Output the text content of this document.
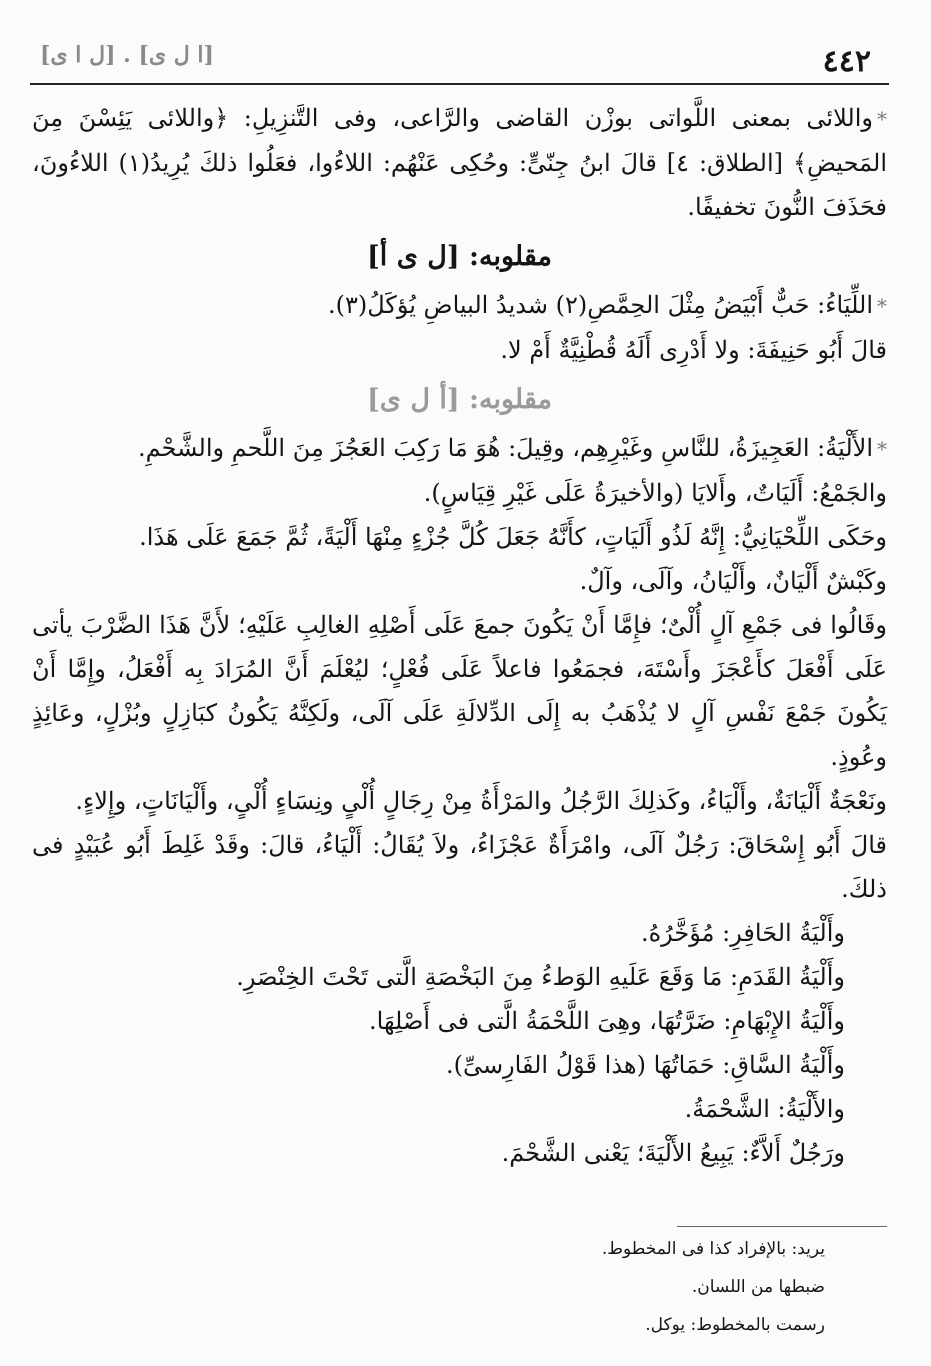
٤٤٢
[ل ا ى] . [ا ل ى]

*واللائى بمعنى اللَّواتى بوزْن القاضى والرَّاعى، وفى التَّنزِيلِ: ﴿واللائى يَئِسْنَ مِنَ المَحيضِ﴾ [الطلاق: ٤] قالَ ابنُ جِنّىٍّ: وحُكِى عَنْهُم: اللاءُوا، فعَلُوا ذلكَ يُرِيدُ(١) اللاءُونَ، فحَذَفَ النُّونَ تخفيفًا.

مقلوبه: [ل ى أ]

*اللِّيَاءُ: حَبٌّ أَبْيَضُ مِثْلَ الحِمَّصِ(٢) شديدُ البياضِ يُؤكَلُ(٣).

قالَ أَبُو حَنِيفَةَ: ولا أَدْرِى أَلَهُ قُطْنِيَّةٌ أَمْ لا.

مقلوبه: [أ ل ى]

*الأَلْيَةُ: العَجِيزَةُ، للنَّاسِ وغَيْرِهِم، وقِيلَ: هُوَ مَا رَكِبَ العَجُزَ مِنَ اللَّحمِ والشَّحْمِ.

والجَمْعُ: أَلَيَاتٌ، وأَلايَا (والأخيرَةُ عَلَى غَيْرِ قِيَاسٍ).

وحَكَى اللِّحْيَانِيُّ: إِنَّهُ لَذُو أَلَيَاتٍ، كأَنَّهُ جَعَلَ كُلَّ جُزْءٍ مِنْهَا أَلْيَةً، ثُمَّ جَمَعَ عَلَى هَذَا.

وكَبْشٌ أَلْيَانٌ، وأَلْيَانُ، وآلَى، وآلٌ.

وقَالُوا فى جَمْعِ آلٍ أُلْىٌ؛ فإِمَّا أَنْ يَكُونَ جمعَ عَلَى أَصْلِهِ الغالِبِ عَلَيْهِ؛ لأَنَّ هَذَا الضَّرْبَ يأتى عَلَى أَفْعَلَ كأَعْجَزَ وأَسْتَهَ، فجمَعُوا فاعلاً عَلَى فُعْلٍ؛ ليُعْلَمَ أَنَّ المُرَادَ بِه أَفْعَلُ، وإِمَّا أَنْ يَكُونَ جَمْعَ نَفْسِ آلٍ لا يُذْهَبُ به إِلَى الدِّلالَةِ عَلَى آلَى، ولَكِنَّهُ يَكُونُ كبَازِلٍ وبُزْلٍ، وعَائِذٍ وعُوذٍ.

ونَعْجَةٌ أَلْيَانَةٌ، وأَلْيَاءُ، وكَذلِكَ الرَّجُلُ والمَرْأَةُ مِنْ رِجَالٍ أُلْىٍ ونِسَاءٍ أُلْىٍ، وأَلْيَانَاتٍ، وإِلاءٍ.

قالَ أَبُو إِسْحَاقَ: رَجُلٌ آلَى، وامْرَأَةٌ عَجْزَاءُ، ولاَ يُقَالُ: أَلْيَاءُ، قالَ: وقَدْ غَلِطَ أَبُو عُبَيْدٍ فى ذلكَ.

وأَلْيَةُ الحَافِرِ: مُؤَخَّرُهُ.

وأَلْيَةُ القَدَمِ: مَا وَقَعَ عَلَيهِ الوَطءُ مِنَ البَخْصَةِ الَّتى تَحْتَ الخِنْصَرِ.

وأَلْيَةُ الإِبْهَامِ: ضَرَّتُهَا، وهِىَ اللَّحْمَةُ الَّتى فى أَصْلِهَا.

وأَلْيَةُ السَّاقِ: حَمَاتُهَا (هذا قَوْلُ الفَارِسىِّ).

والأَلْيَةُ: الشَّحْمَةُ.

ورَجُلٌ أَلاَّءٌ: يَبِيعُ الأَلْيَةَ؛ يَعْنى الشَّحْمَ.

يريد: بالإفراد كذا فى المخطوط.
ضبطها من اللسان.
رسمت بالمخطوط: يوكل.
